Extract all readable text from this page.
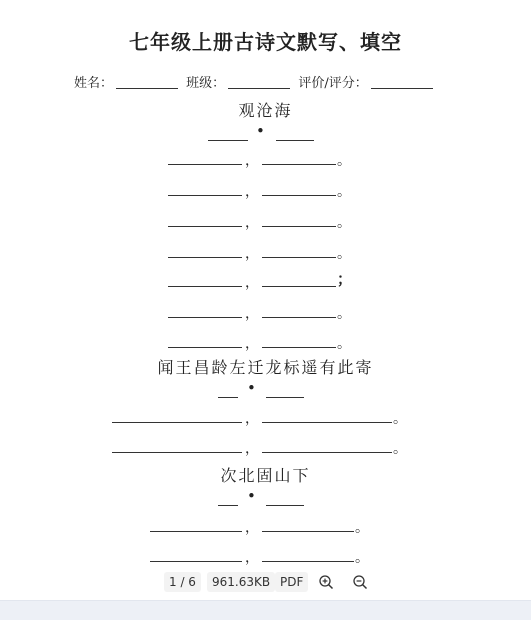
七年级上册古诗文默写、填空
姓名：	班级：	评价/评分：
观沧海
•
，	。
，	。
，	。
，	。
，	；
，	。
，	。
闻王昌龄左迁龙标遥有此寄
•
，	。
，	。
次北固山下
•
，	。
，	。
1 / 6	961.63KB PDF
